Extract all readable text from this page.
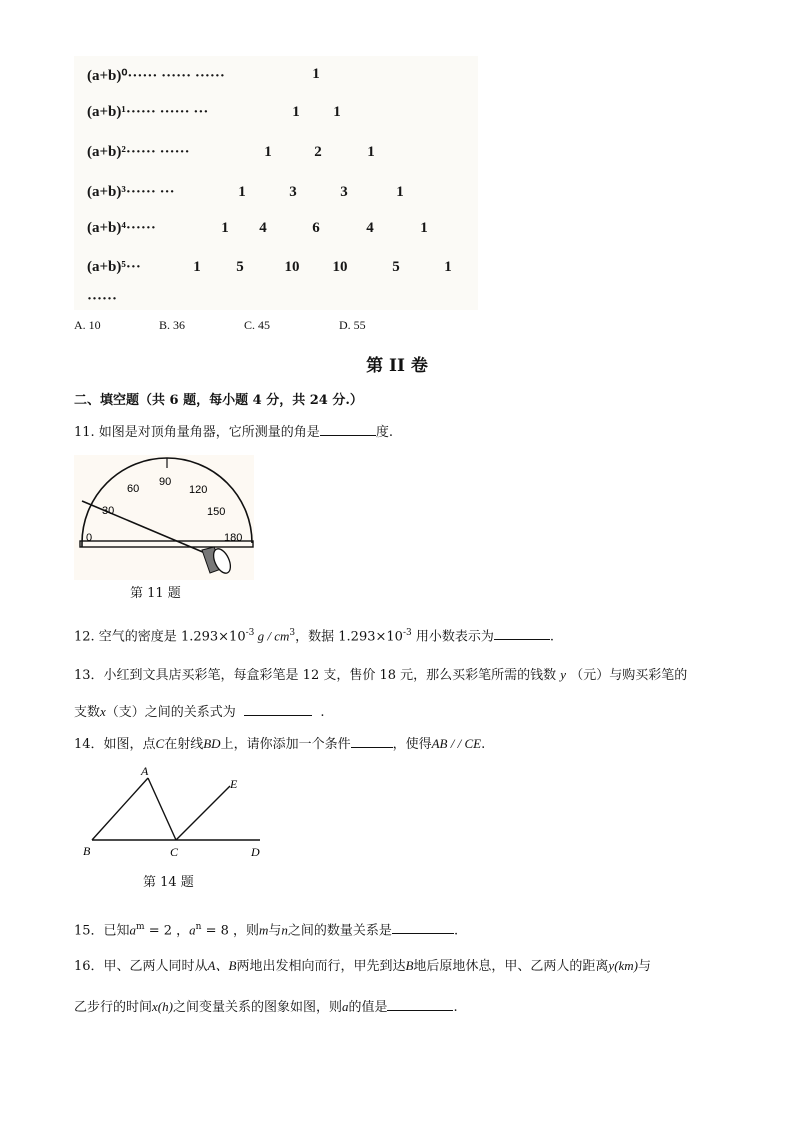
(a+b)⁰······ ······ ······	1
(a+b)¹······ ······ ···	1	1
(a+b)²······ ······	1	2	1
(a+b)³······ ···	1	3	3	1
(a+b)⁴······	1	4	6	4	1
(a+b)⁵···	1	5	10	10	5	1
······
A. 10	B. 36	C. 45	D. 55
第 II 卷
二、填空题（共 6 题，每小题 4 分，共 24 分.）
11. 如图是对顶角量角器，它所测量的角是	度.
0
30
60
90
120
150
180
第 11 题
12. 空气的密度是 $1.293\times 10^{-3}$ g / $cm^3$，数据 $1.293\times 10^{-3}$ 用小数表示为	.
13．小红到文具店买彩笔，每盒彩笔是 12 支，售价 18 元，那么买彩笔所需的钱数 y （元）与购买彩笔的
支数x（支）之间的关系式为	.
14．如图，点C在射线BD上，请你添加一个条件	，使得AB / / CE.
A
B	C	D
E
第 14 题
15．已知$a^m = 2$ ，$a^n = 8$ ，则m与n之间的数量关系是	.
16．甲、乙两人同时从A、B两地出发相向而行，甲先到达B地后原地休息，甲、乙两人的距离y(km)与
乙步行的时间x(h)之间变量关系的图象如图，则a的值是	.
